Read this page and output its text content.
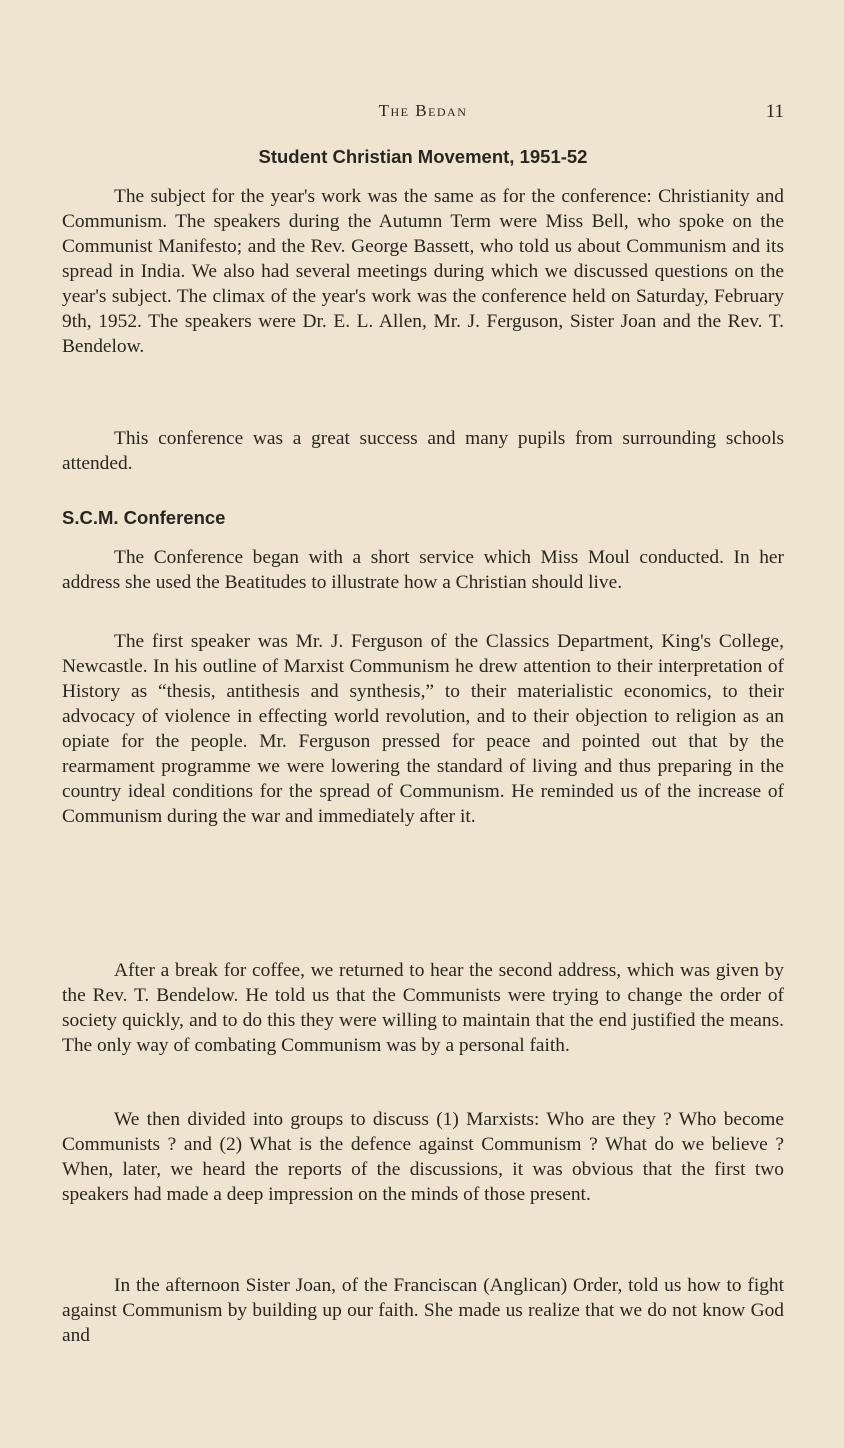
The Bedan	11
Student Christian Movement, 1951-52

The subject for the year's work was the same as for the conference: Christianity and Communism. The speakers during the Autumn Term were Miss Bell, who spoke on the Communist Manifesto; and the Rev. George Bassett, who told us about Communism and its spread in India. We also had several meetings during which we discussed questions on the year's subject. The climax of the year's work was the conference held on Saturday, February 9th, 1952. The speakers were Dr. E. L. Allen, Mr. J. Ferguson, Sister Joan and the Rev. T. Bendelow.

This conference was a great success and many pupils from surrounding schools attended.

S.C.M. Conference

The Conference began with a short service which Miss Moul conducted. In her address she used the Beatitudes to illustrate how a Christian should live.

The first speaker was Mr. J. Ferguson of the Classics Department, King's College, Newcastle. In his outline of Marxist Communism he drew attention to their interpretation of History as “thesis, antithesis and synthesis,” to their materialistic economics, to their advocacy of violence in effecting world revolution, and to their objection to religion as an opiate for the people. Mr. Ferguson pressed for peace and pointed out that by the rearmament programme we were lowering the standard of living and thus preparing in the country ideal conditions for the spread of Communism. He reminded us of the increase of Communism during the war and immediately after it.

After a break for coffee, we returned to hear the second address, which was given by the Rev. T. Bendelow. He told us that the Communists were trying to change the order of society quickly, and to do this they were willing to maintain that the end justified the means. The only way of combating Communism was by a personal faith.

We then divided into groups to discuss (1) Marxists: Who are they ? Who become Communists ? and (2) What is the defence against Communism ? What do we believe ? When, later, we heard the reports of the discussions, it was obvious that the first two speakers had made a deep impression on the minds of those present.

In the afternoon Sister Joan, of the Franciscan (Anglican) Order, told us how to fight against Communism by building up our faith. She made us realize that we do not know God and
